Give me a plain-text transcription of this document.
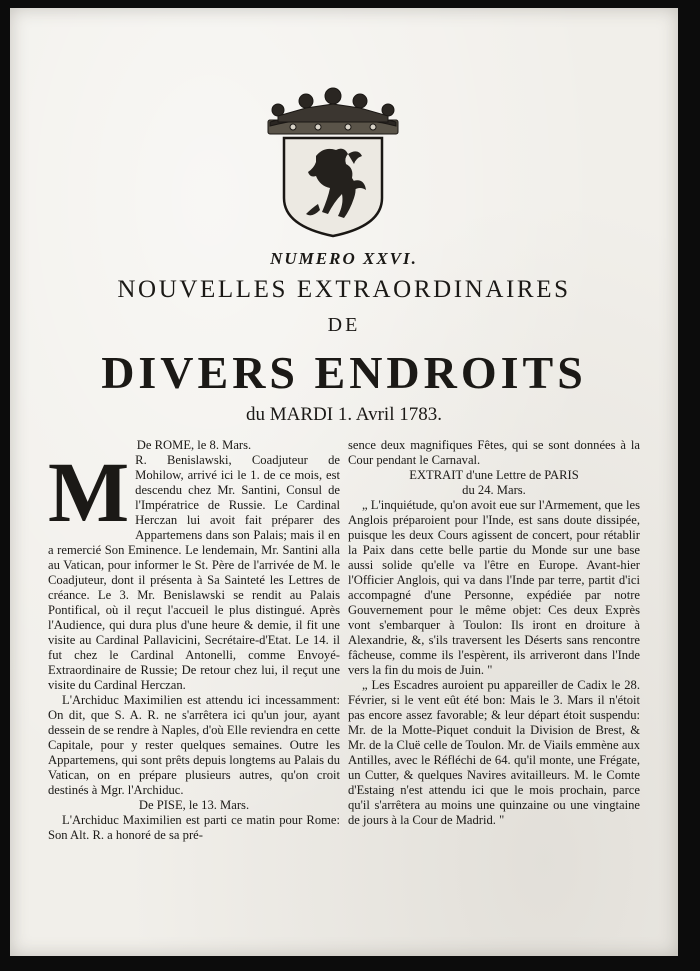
NUMERO XXVI.
NOUVELLES EXTRAORDINAIRES
DE
DIVERS ENDROITS
du MARDI 1. Avril 1783.

De ROME, le 8. Mars.

M R. Benislawski, Coadjuteur de Mohilow, arrivé ici le 1. de ce mois, est descendu chez Mr. Santini, Consul de l'Impératrice de Russie. Le Cardinal Herczan lui avoit fait préparer des Appartemens dans son Palais; mais il en a remercié Son Eminence. Le lendemain, Mr. Santini alla au Vatican, pour informer le St. Père de l'arrivée de M. le Coadjuteur, dont il présenta à Sa Sainteté les Lettres de créance. Le 3. Mr. Benislawski se rendit au Palais Pontifical, où il reçut l'accueil le plus distingué. Après l'Audience, qui dura plus d'une heure & demie, il fit une visite au Cardinal Pallavicini, Secrétaire-d'Etat. Le 14. il fut chez le Cardinal Antonelli, comme Envoyé-Extraordinaire de Russie; De retour chez lui, il reçut une visite du Cardinal Herczan.

L'Archiduc Maximilien est attendu ici incessamment: On dit, que S. A. R. ne s'arrêtera ici qu'un jour, ayant dessein de se rendre à Naples, d'où Elle reviendra en cette Capitale, pour y rester quelques semaines. Outre les Appartemens, qui sont prêts depuis longtems au Palais du Vatican, on en prépare plusieurs autres, qu'on croit destinés à Mgr. l'Archiduc.

De PISE, le 13. Mars.

L'Archiduc Maximilien est parti ce matin pour Rome: Son Alt. R. a honoré de sa pré-

sence deux magnifiques Fêtes, qui se sont données à la Cour pendant le Carnaval.

EXTRAIT d'une Lettre de PARIS

du 24. Mars.

„ L'inquiétude, qu'on avoit eue sur l'Armement, que les Anglois préparoient pour l'Inde, est sans doute dissipée, puisque les deux Cours agissent de concert, pour rétablir la Paix dans cette belle partie du Monde sur une base aussi solide qu'elle va l'être en Europe. Avant-hier l'Officier Anglois, qui va dans l'Inde par terre, partit d'ici accompagné d'une Personne, expédiée par notre Gouvernement pour le même objet: Ces deux Exprès vont s'embarquer à Toulon: Ils iront en droiture à Alexandrie, &, s'ils traversent les Déserts sans rencontre fâcheuse, comme ils l'espèrent, ils arriveront dans l'Inde vers la fin du mois de Juin. "

„ Les Escadres auroient pu appareiller de Cadix le 28. Février, si le vent eût été bon: Mais le 3. Mars il n'étoit pas encore assez favorable; & leur départ étoit suspendu: Mr. de la Motte-Piquet conduit la Division de Brest, & Mr. de la Cluë celle de Toulon. Mr. de Viails emmène aux Antilles, avec le Réfléchi de 64. qu'il monte, une Frégate, un Cutter, & quelques Navires avitailleurs. M. le Comte d'Estaing n'est attendu ici que le mois prochain, parce qu'il s'arrêtera au moins une quinzaine ou une vingtaine de jours à la Cour de Madrid. "
